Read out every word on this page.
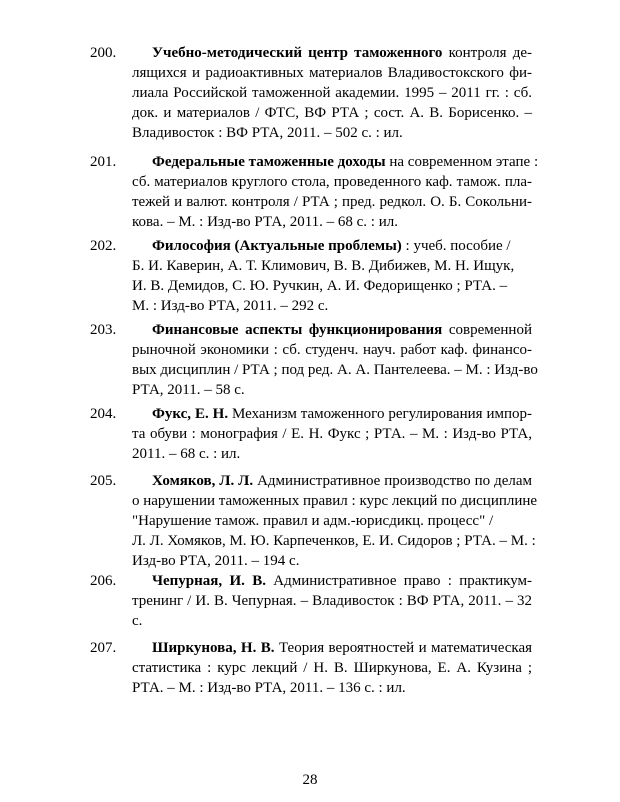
200.	Учебно-методический центр таможенного контроля де-
лящихся и радиоактивных материалов Владивостокского фи-
лиала Российской таможенной академии. 1995 – 2011 гг. : сб.
док. и материалов / ФТС, ВФ РТА ; сост. А. В. Борисенко. –
Владивосток : ВФ РТА, 2011. – 502 с. : ил.
201.	Федеральные таможенные доходы на современном этапе :
сб. материалов круглого стола, проведенного каф. тамож. пла-
тежей и валют. контроля / РТА ; пред. редкол. О. Б. Сокольни-
кова. – М. : Изд-во РТА, 2011. – 68 с. : ил.
202.	Философия (Актуальные проблемы) : учеб. пособие /
Б. И. Каверин, А. Т. Климович, В. В. Дибижев, М. Н. Ищук,
И. В. Демидов, С. Ю. Ручкин, А. И. Федорищенко ; РТА. –
М. : Изд-во РТА, 2011. – 292 с.
203.	Финансовые аспекты функционирования современной
рыночной экономики : сб. студенч. науч. работ каф. финансо-
вых дисциплин / РТА ; под ред. А. А. Пантелеева. – М. : Изд-во
РТА, 2011. – 58 с.
204.	Фукс, Е. Н. Механизм таможенного регулирования импор-
та обуви : монография / Е. Н. Фукс ; РТА. – М. : Изд-во РТА,
2011. – 68 с. : ил.
205.	Хомяков, Л. Л. Административное производство по делам
о нарушении таможенных правил : курс лекций по дисциплине
"Нарушение тамож. правил и адм.-юрисдикц. процесс" /
Л. Л. Хомяков, М. Ю. Карпеченков, Е. И. Сидоров ; РТА. – М. :
Изд-во РТА, 2011. – 194 с.
206.	Чепурная, И. В. Административное право : практикум-
тренинг / И. В. Чепурная. – Владивосток : ВФ РТА, 2011. – 32
с.
207.	Ширкунова, Н. В. Теория вероятностей и математическая
статистика : курс лекций / Н. В. Ширкунова, Е. А. Кузина ;
РТА. – М. : Изд-во РТА, 2011. – 136 с. : ил.
28
